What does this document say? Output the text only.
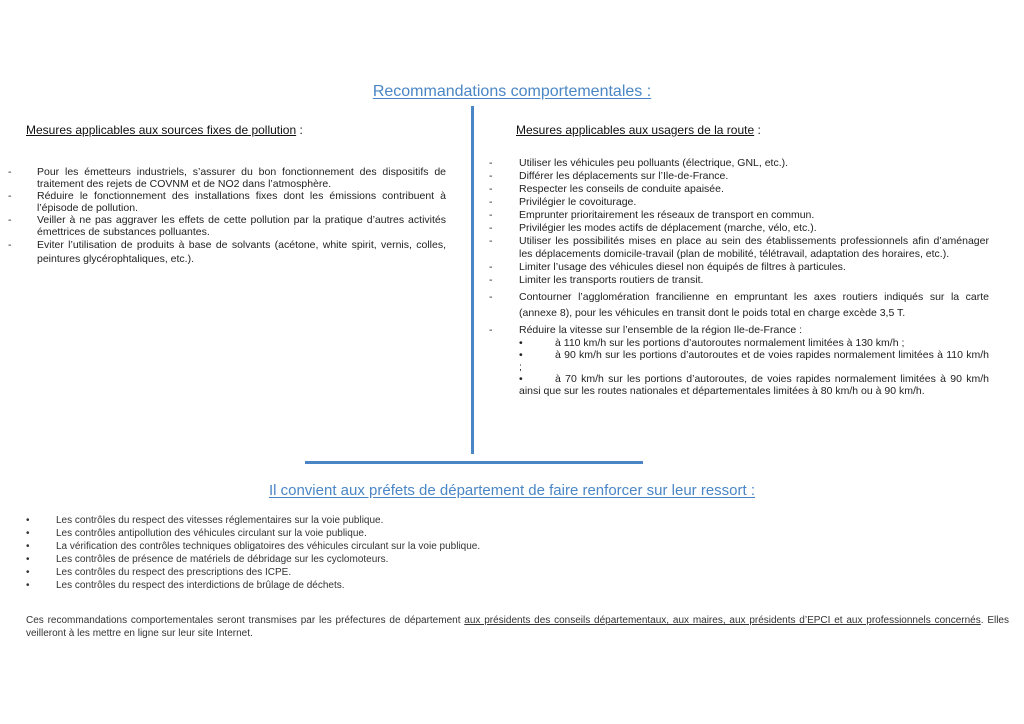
Recommandations comportementales :
Mesures applicables aux sources fixes de pollution :
- Pour les émetteurs industriels, s’assurer du bon fonctionnement des dispositifs de traitement des rejets de COVNM et de NO2 dans l’atmosphère.
- Réduire le fonctionnement des installations fixes dont les émissions contribuent à l’épisode de pollution.
- Veiller à ne pas aggraver les effets de cette pollution par la pratique d’autres activités émettrices de substances polluantes.
- Eviter l’utilisation de produits à base de solvants (acétone, white spirit, vernis, colles, peintures glycérophtaliques, etc.).
Mesures applicables aux usagers de la route :
-	Utiliser les véhicules peu polluants (électrique, GNL, etc.).
-	Différer les déplacements sur l’Ile-de-France.
-	Respecter les conseils de conduite apaisée.
-	Privilégier le covoiturage.
-	Emprunter prioritairement les réseaux de transport en commun.
-	Privilégier les modes actifs de déplacement (marche, vélo, etc.).
-	Utiliser les possibilités mises en place au sein des établissements professionnels afin d’aménager les déplacements domicile-travail (plan de mobilité, télétravail, adaptation des horaires, etc.).
-	Limiter l’usage des véhicules diesel non équipés de filtres à particules.
-	Limiter les transports routiers de transit.
-	Contourner l’agglomération francilienne en empruntant les axes routiers indiqués sur la carte (annexe 8), pour les véhicules en transit dont le poids total en charge excède 3,5 T.
-	Réduire la vitesse sur l’ensemble de la région Ile-de-France :
•	à 110 km/h sur les portions d’autoroutes normalement limitées à 130 km/h ;
•	à 90 km/h sur les portions d’autoroutes et de voies rapides normalement limitées à 110 km/h ;
•	à 70 km/h sur les portions d’autoroutes, de voies rapides normalement limitées à 90 km/h ainsi que sur les routes nationales et départementales limitées à 80 km/h ou à 90 km/h.
Il convient aux préfets de département de faire renforcer sur leur ressort :
•	Les contrôles du respect des vitesses réglementaires sur la voie publique.
•	Les contrôles antipollution des véhicules circulant sur la voie publique.
•	La vérification des contrôles techniques obligatoires des véhicules circulant sur la voie publique.
•	Les contrôles de présence de matériels de débridage sur les cyclomoteurs.
•	Les contrôles du respect des prescriptions des ICPE.
•	Les contrôles du respect des interdictions de brûlage de déchets.
Ces recommandations comportementales seront transmises par les préfectures de département aux présidents des conseils départementaux, aux maires, aux présidents d’EPCI et aux professionnels concernés. Elles veilleront à les mettre en ligne sur leur site Internet.
